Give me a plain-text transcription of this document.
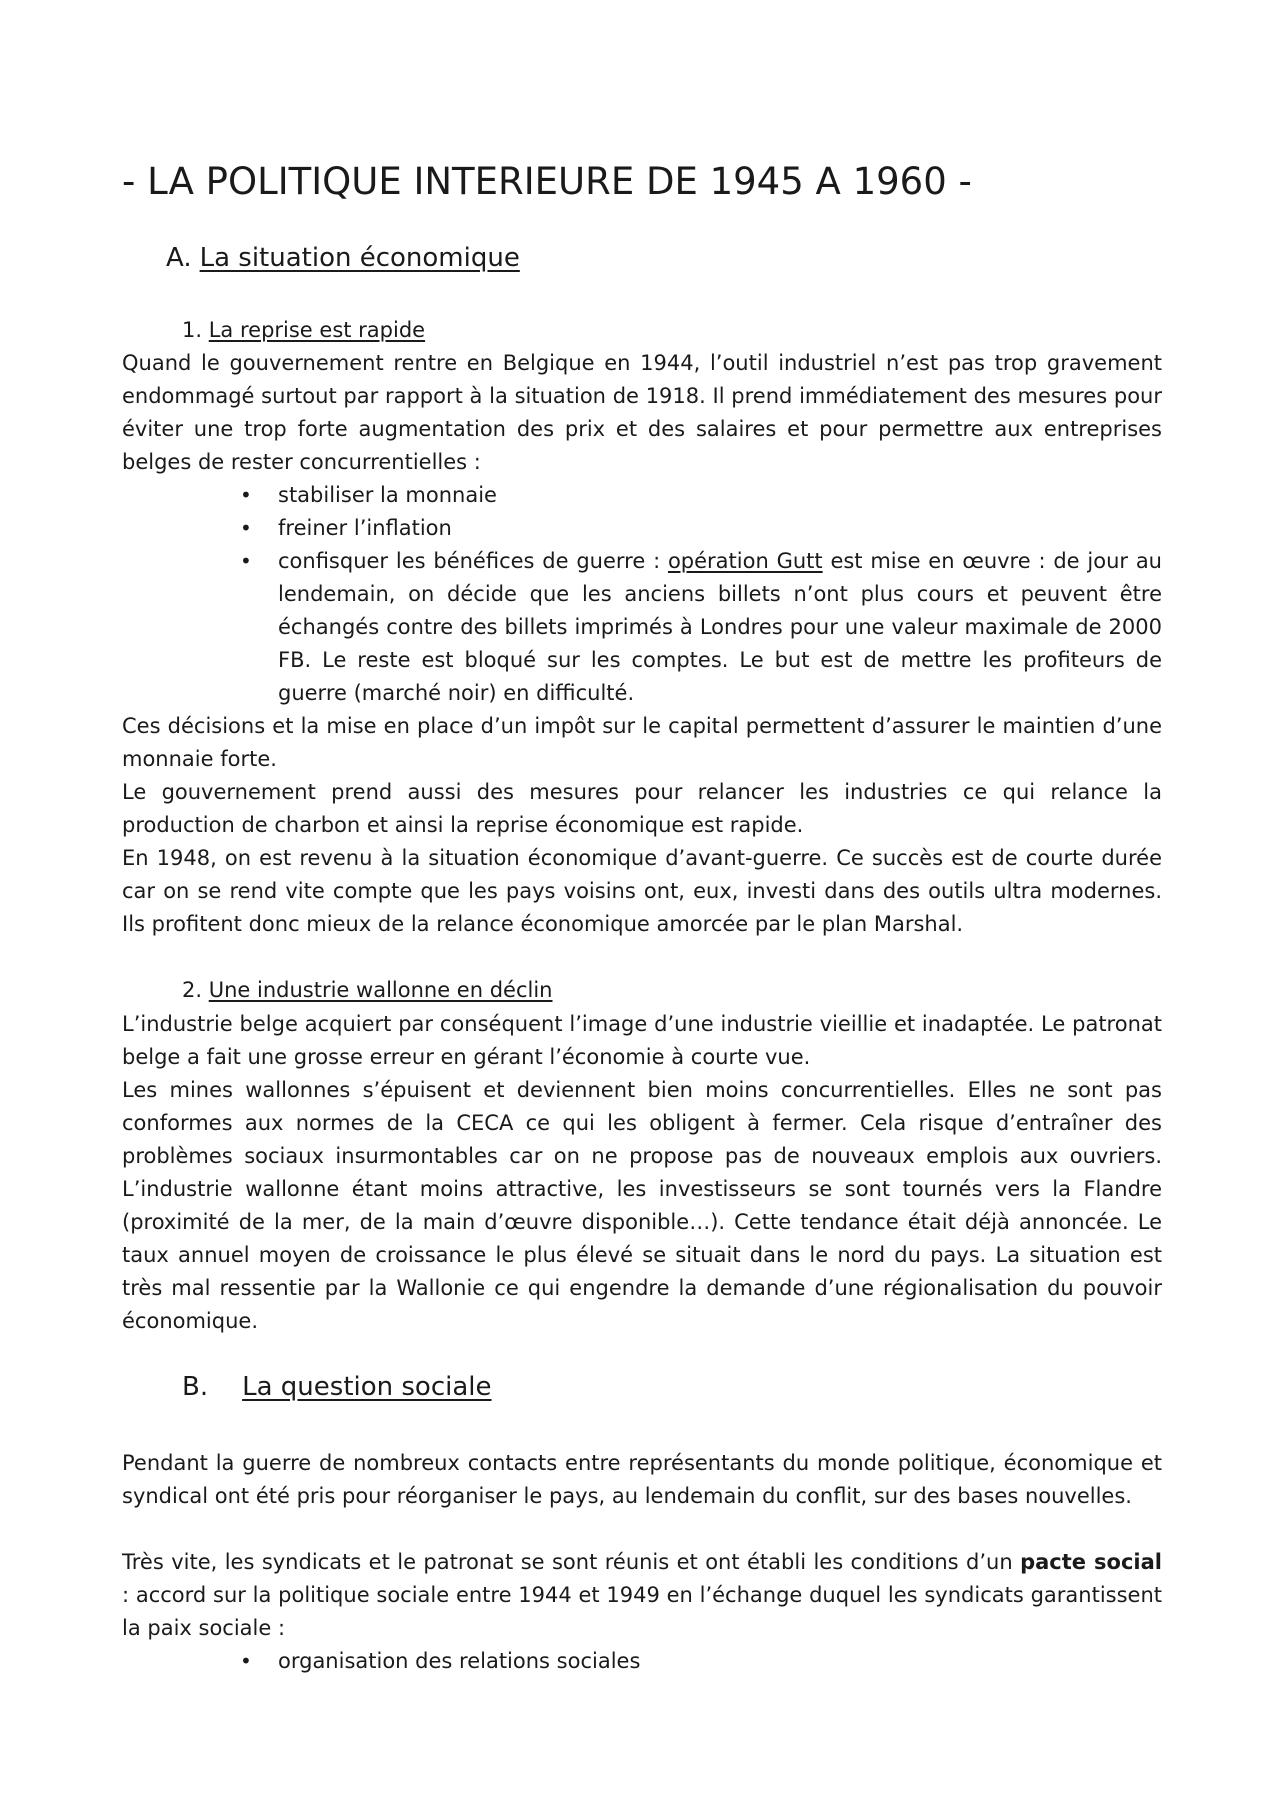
- LA POLITIQUE INTERIEURE DE 1945 A 1960 -
A. La situation économique
1. La reprise est rapide

Quand le gouvernement rentre en Belgique en 1944, l’outil industriel n’est pas trop gravement endommagé surtout par rapport à la situation de 1918. Il prend immédiatement des mesures pour éviter une trop forte augmentation des prix et des salaires et pour permettre aux entreprises belges de rester concurrentielles :

•	stabiliser la monnaie
•	freiner l’inflation
•	confisquer les bénéfices de guerre : opération Gutt est mise en œuvre : de jour au lendemain, on décide que les anciens billets n’ont plus cours et peuvent être échangés contre des billets imprimés à Londres pour une valeur maximale de 2000 FB. Le reste est bloqué sur les comptes. Le but est de mettre les profiteurs de guerre (marché noir) en difficulté.

Ces décisions et la mise en place d’un impôt sur le capital permettent d’assurer le maintien d’une monnaie forte.

Le gouvernement prend aussi des mesures pour relancer les industries ce qui relance la production de charbon et ainsi la reprise économique est rapide.

En 1948, on est revenu à la situation économique d’avant-guerre. Ce succès est de courte durée car on se rend vite compte que les pays voisins ont, eux, investi dans des outils ultra modernes. Ils profitent donc mieux de la relance économique amorcée par le plan Marshal.

2. Une industrie wallonne en déclin

L’industrie belge acquiert par conséquent l’image d’une industrie vieillie et inadaptée. Le patronat belge a fait une grosse erreur en gérant l’économie à courte vue.

Les mines wallonnes s’épuisent et deviennent bien moins concurrentielles. Elles ne sont pas conformes aux normes de la CECA ce qui les obligent à fermer. Cela risque d’entraîner des problèmes sociaux insurmontables car on ne propose pas de nouveaux emplois aux ouvriers. L’industrie wallonne étant moins attractive, les investisseurs se sont tournés vers la Flandre (proximité de la mer, de la main d’œuvre disponible…). Cette tendance était déjà annoncée. Le taux annuel moyen de croissance le plus élevé se situait dans le nord du pays. La situation est très mal ressentie par la Wallonie ce qui engendre la demande d’une régionalisation du pouvoir économique.

B. La question sociale

Pendant la guerre de nombreux contacts entre représentants du monde politique, économique et syndical ont été pris pour réorganiser le pays, au lendemain du conflit, sur des bases nouvelles.

Très vite, les syndicats et le patronat se sont réunis et ont établi les conditions d’un pacte social : accord sur la politique sociale entre 1944 et 1949 en l’échange duquel les syndicats garantissent la paix sociale :

•	organisation des relations sociales
